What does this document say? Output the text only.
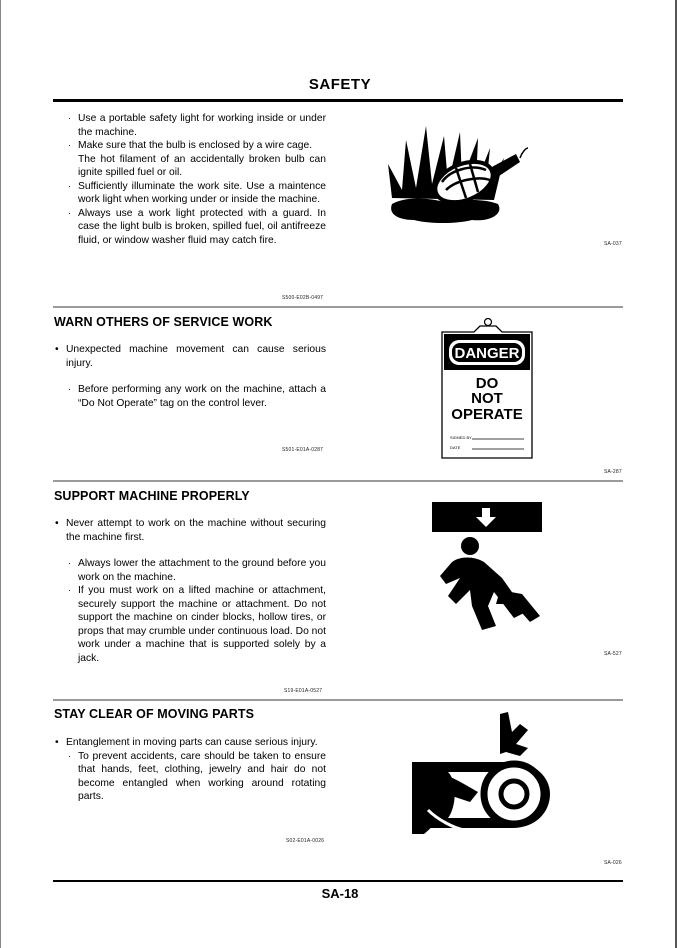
SAFETY
· Use a portable safety light for working inside or under the machine.
· Make sure that the bulb is enclosed by a wire cage.
The hot filament of an accidentally broken bulb can ignite spilled fuel or oil.
· Sufficiently illuminate the work site. Use a maintence work light when working under or inside the machine.
· Always use a work light protected with a guard. In case the light bulb is broken, spilled fuel, oil antifreeze fluid, or window washer fluid may catch fire.
S500-E02B-0497
SA-037
WARN OTHERS OF SERVICE WORK
• Unexpected machine movement can cause serious injury.
· Before performing any work on the machine, attach a “Do Not Operate” tag on the control lever.
S501-E01A-0287
DANGER
DO
NOT
OPERATE
SIGNED BY
DATE
SA-287
SUPPORT MACHINE PROPERLY
• Never attempt to work on the machine without securing the machine first.
· Always lower the attachment to the ground before you work on the machine.
· If you must work on a lifted machine or attachment, securely support the machine or attachment. Do not support the machine on cinder blocks, hollow tires, or props that may crumble under continuous load. Do not work under a machine that is supported solely by a jack.
S19-E01A-0527
SA-527
STAY CLEAR OF MOVING PARTS
• Entanglement in moving parts can cause serious injury.
· To prevent accidents, care should be taken to ensure that hands, feet, clothing, jewelry and hair do not become entangled when working around rotating parts.
S02-E01A-0026
SA-026
SA-18
